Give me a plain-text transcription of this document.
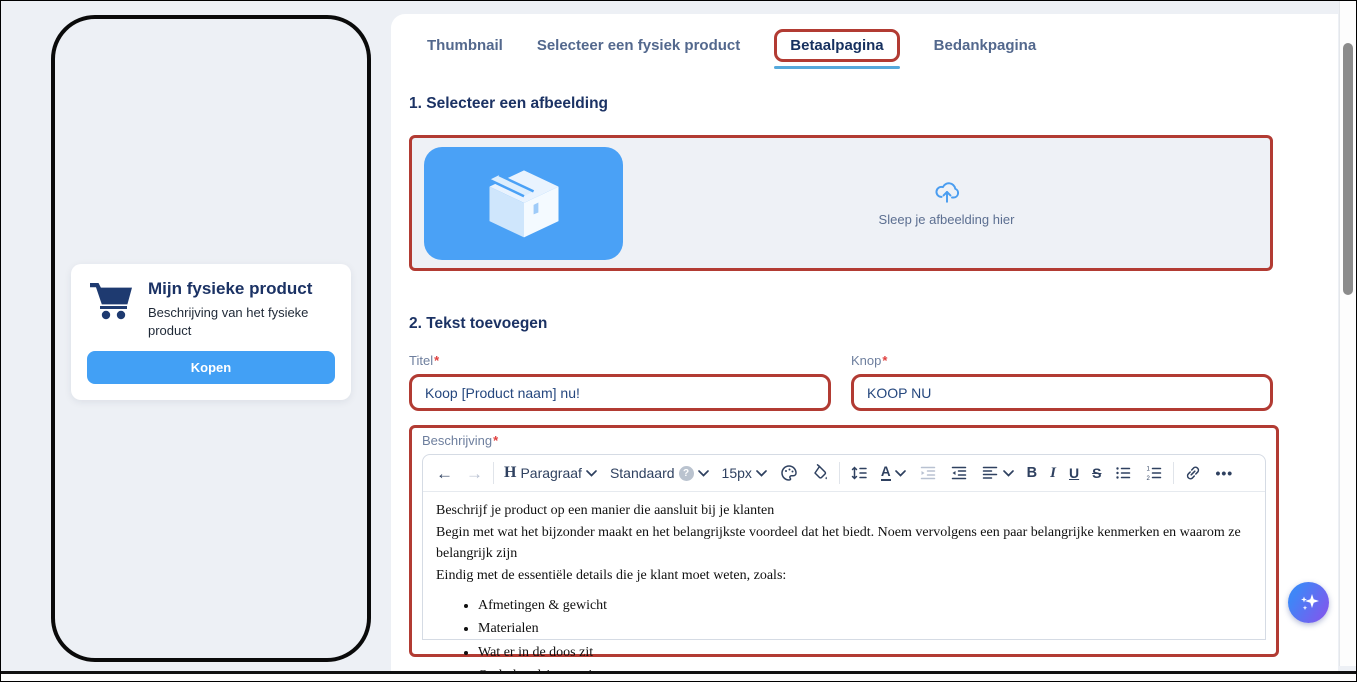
Mijn fysieke product
Beschrijving van het fysieke product
Kopen
Thumbnail Selecteer een fysiek product	Betaalpagina	Bedankpagina
1. Selecteer een afbeelding
Sleep je afbeelding hier
2. Tekst toevoegen
Titel*
Koop [Product naam] nu!	Knop*
KOOP NU
Beschrijving*
← → H Paragraaf Standaard ?	15px	A	B I U S	1
2	•••

Beschrijf je product op een manier die aansluit bij je klanten

Begin met wat het bijzonder maakt en het belangrijkste voordeel dat het biedt. Noem vervolgens een paar belangrijke kenmerken en waarom ze belangrijk zijn

Eindig met de essentiële details die je klant moet weten, zoals:

• Afmetingen & gewicht
• Materialen
• Wat er in de doos zit
•
